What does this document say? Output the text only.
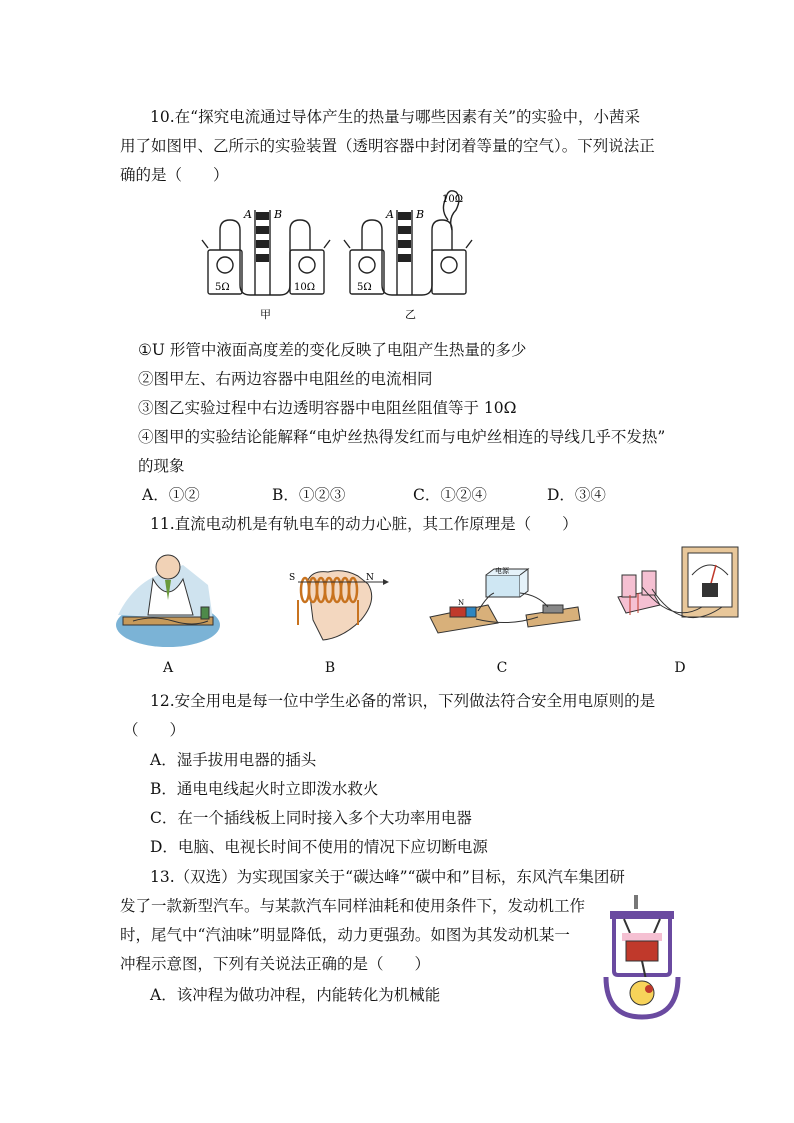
10.在“探究电流通过导体产生的热量与哪些因素有关”的实验中，小茜采
用了如图甲、乙所示的实验装置（透明容器中封闭着等量的空气）。下列说法正
确的是（　　）
A B	A B
5Ω	10Ω	5Ω
10Ω
甲	乙
①U 形管中液面高度差的变化反映了电阻产生热量的多少
②图甲左、右两边容器中电阻丝的电流相同
③图乙实验过程中右边透明容器中电阻丝阻值等于 10Ω
④图甲的实验结论能解释“电炉丝热得发红而与电炉丝相连的导线几乎不发热”
的现象
A．①②	B．①②③	C．①②④	D．③④
11.直流电动机是有轨电车的动力心脏，其工作原理是（　　）
A
S	N
B
电源
N
C	D
12.安全用电是每一位中学生必备的常识，下列做法符合安全用电原则的是
（　　）
A．湿手拔用电器的插头
B．通电电线起火时立即泼水救火
C．在一个插线板上同时接入多个大功率用电器
D．电脑、电视长时间不使用的情况下应切断电源
13.（双选）为实现国家关于“碳达峰”“碳中和”目标，东风汽车集团研
发了一款新型汽车。与某款汽车同样油耗和使用条件下，发动机工作
时，尾气中“汽油味”明显降低，动力更强劲。如图为其发动机某一
冲程示意图，下列有关说法正确的是（　　）
A．该冲程为做功冲程，内能转化为机械能
